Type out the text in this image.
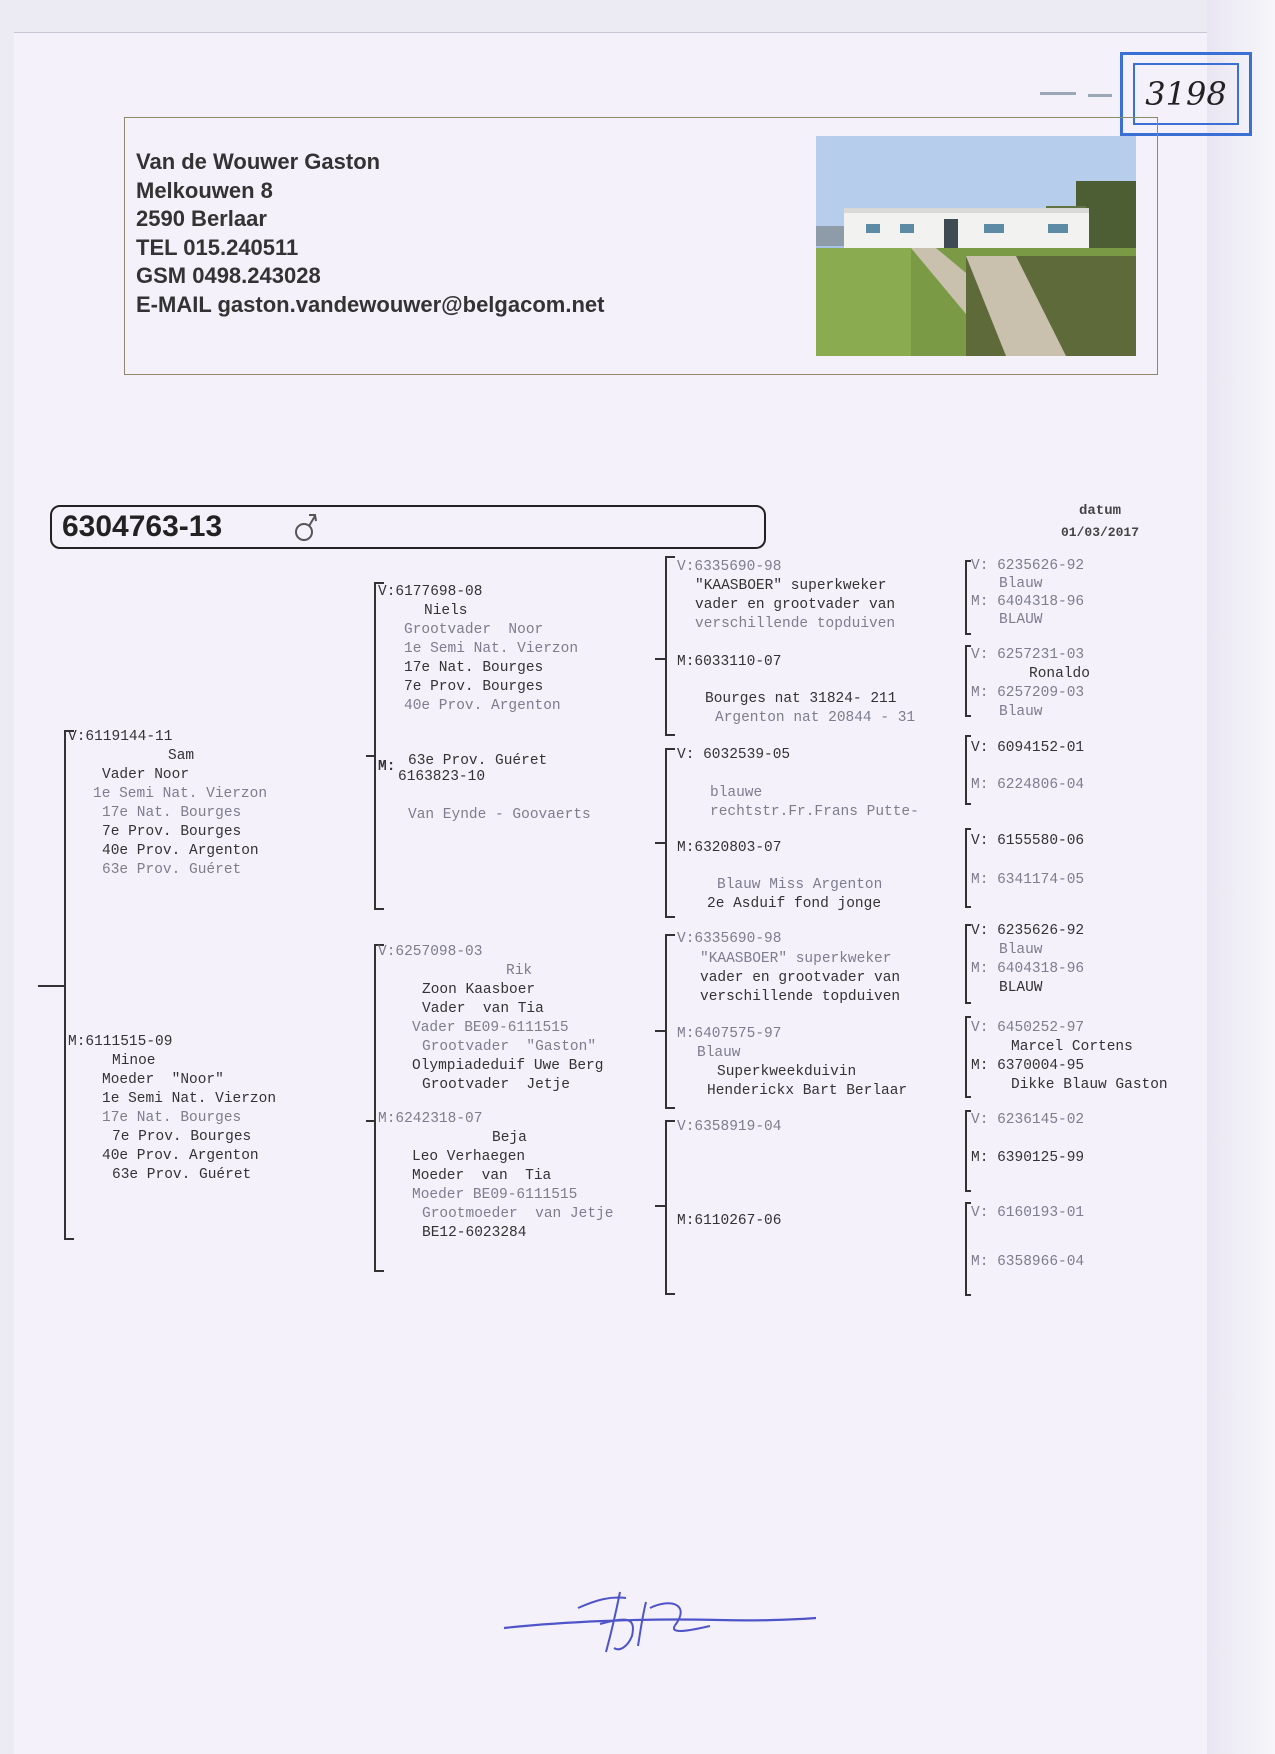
3198
Van de Wouwer Gaston
Melkouwen 8
2590 Berlaar
TEL 015.240511
GSM 0498.243028
E-MAIL gaston.vandewouwer@belgacom.net
6304763-13	datum
01/03/2017
V:6119144-11
Sam
Vader Noor
1e Semi Nat. Vierzon
17e Nat. Bourges
7e Prov. Bourges
40e Prov. Argenton
63e Prov. Guéret
M:6111515-09
Minoe
Moeder  "Noor"
1e Semi Nat. Vierzon
17e Nat. Bourges
7e Prov. Bourges
40e Prov. Argenton
63e Prov. Guéret
V:6177698-08
Niels
Grootvader  Noor
1e Semi Nat. Vierzon
17e Nat. Bourges
7e Prov. Bourges
40e Prov. Argenton
M: 63e Prov. Guéret
6163823-10
Van Eynde - Goovaerts
V:6257098-03
Rik
Zoon Kaasboer
Vader  van Tia
Vader BE09-6111515
Grootvader  "Gaston"
Olympiadeduif Uwe Berg
Grootvader  Jetje
M:6242318-07
Beja
Leo Verhaegen
Moeder  van  Tia
Moeder BE09-6111515
Grootmoeder  van Jetje
BE12-6023284
V:6335690-98
"KAASBOER" superkweker
vader en grootvader van
verschillende topduiven
M:6033110-07
Bourges nat 31824- 211
Argenton nat 20844 - 31
V: 6032539-05
blauwe
rechtstr.Fr.Frans Putte-
M:6320803-07
Blauw Miss Argenton
2e Asduif fond jonge
V:6335690-98
"KAASBOER" superkweker
vader en grootvader van
verschillende topduiven
M:6407575-97
Blauw
Superkweekduivin
Henderickx Bart Berlaar
V:6358919-04
M:6110267-06
V: 6235626-92
Blauw
M: 6404318-96
BLAUW
V: 6257231-03
Ronaldo
M: 6257209-03
Blauw
V: 6094152-01
M: 6224806-04
V: 6155580-06
M: 6341174-05
V: 6235626-92
Blauw
M: 6404318-96
BLAUW
V: 6450252-97
Marcel Cortens
M: 6370004-95
Dikke Blauw Gaston
V: 6236145-02
M: 6390125-99
V: 6160193-01
M: 6358966-04
